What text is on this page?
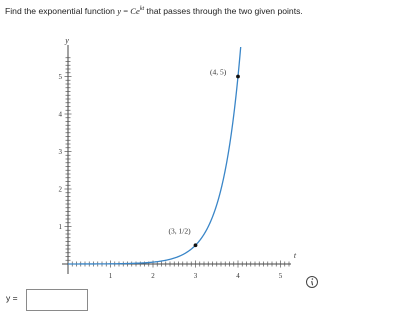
Find the exponential function $y = Ce^{kt}$ that passes through the two given points.
y
t
1	2	3	4	5
1
2
3
4
5
(3, 1/2)
(4, 5)
y =
